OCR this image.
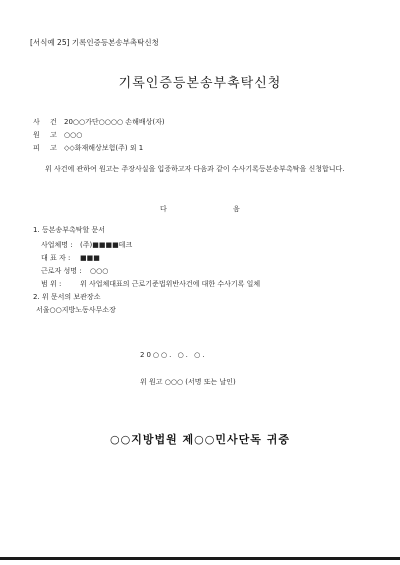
[서식예 25] 기록인증등본송부촉탁신청
기록인증등본송부촉탁신청
사 건 20○○가단○○○○ 손해배상(자)
원 고 ○○○
피 고 ◇◇화재해상보험(주) 외 1
위 사건에 관하여 원고는 주장사실을 입증하고자 다음과 같이 수사기록등본송부촉탁을 신청합니다.
다	음
1. 등본송부촉탁할 문서
사업체명 : (주)■■■■테크
대 표 자 : ■■■
근로자 성명 : ○○○
범 위 :	위 사업체대표의 근로기준법위반사건에 대한 수사기록 일체
2. 위 문서의 보관장소
서울○○지방노동사무소장
20○○. ○. ○.
위 원고 ○○○ (서명 또는 날인)
○○지방법원 제○○민사단독 귀중
